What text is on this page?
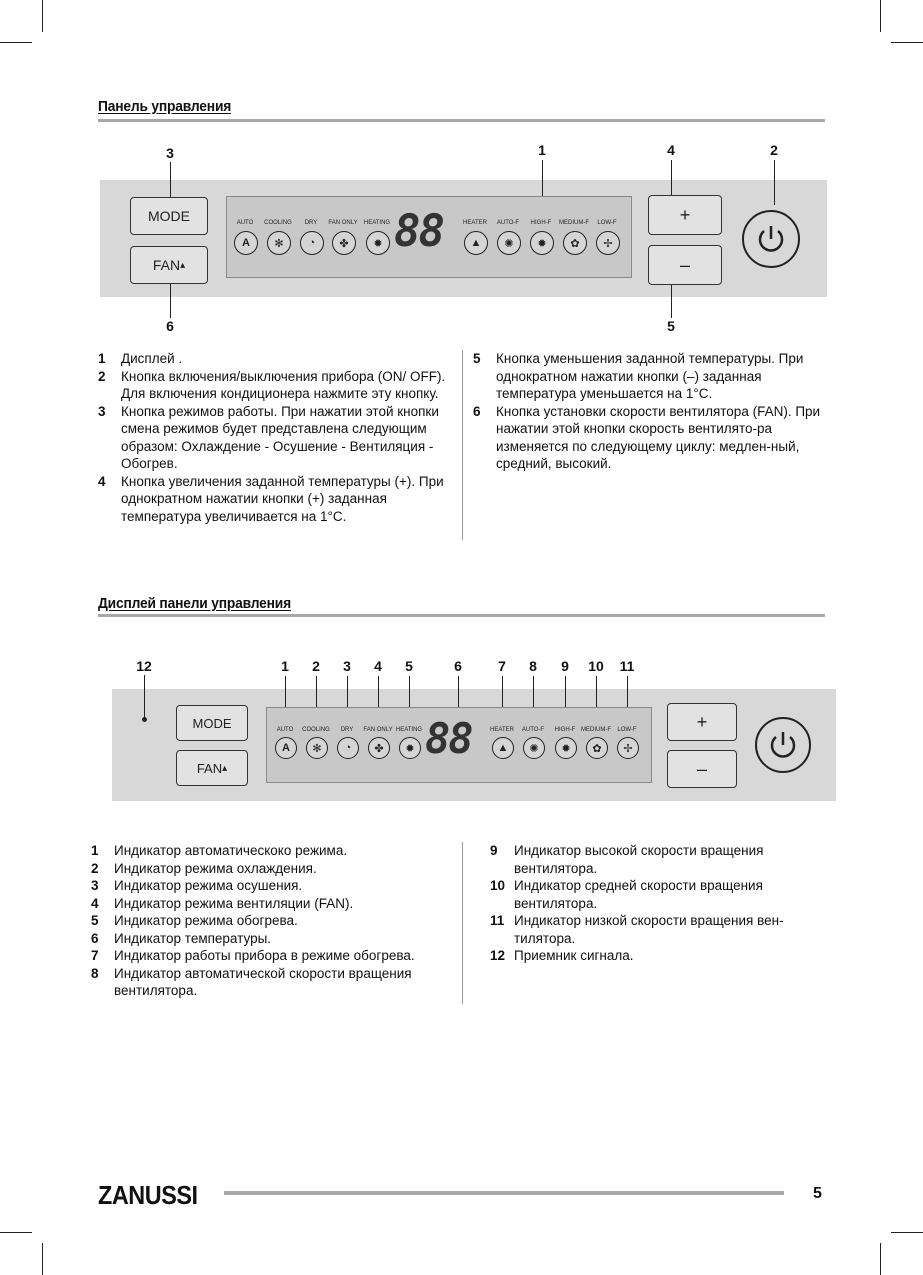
Панель управления
3	1	4	2
6	5
MODE
FAN ▴
AUTO
A
COOLING
✻
DRY
◔
FAN ONLY
✤
HEATING
✹
HEATER
▲
AUTO-F
✺
HIGH-F
✹
MEDIUM-F
✿
LOW-F
✢
88	+
–
1	Дисплей .
2	Кнопка включения/выключения прибора (ON/ OFF). Для включения кондиционера нажмите эту кнопку.
3	Кнопка режимов работы. При нажатии этой кнопки смена режимов будет представлена следующим образом: Охлаждение - Осушение - Вентиляция - Обогрев.
4	Кнопка увеличения заданной температуры (+). При однократном нажатии кнопки (+) заданная температура увеличивается на 1°C.
5	Кнопка уменьшения заданной температуры. При однократном нажатии кнопки (–) заданная температура уменьшается на 1°C.
6	Кнопка установки скорости вентилятора (FAN). При нажатии этой кнопки скорость вентилято-ра изменяется по следующему циклу: медлен-ный, средний, высокий.
Дисплей панели управления
12	1	2	3	4	5	6	7	8	9	10	11
MODE
FAN ▴
AUTO
A
COOLING
✻
DRY
◔
FAN ONLY
✤
HEATING
✹
HEATER
▲
AUTO-F
✺
HIGH-F
✹
MEDIUM-F
✿
LOW-F
✢
88	+
–
1	Индикатор автоматическоко режима.
2	Индикатор режима охлаждения.
3	Индикатор режима осушения.
4	Индикатор режима вентиляции (FAN).
5	Индикатор режима обогрева.
6	Индикатор температуры.
7	Индикатор работы прибора в режиме обогрева.
8	Индикатор автоматической скорости вращения вентилятора.
9	Индикатор высокой скорости вращения вентилятора.
10 Индикатор средней скорости вращения вентилятора.
11 Индикатор низкой скорости вращения вен-тилятора.
12 Приемник сигнала.
ZANUSSI	5
